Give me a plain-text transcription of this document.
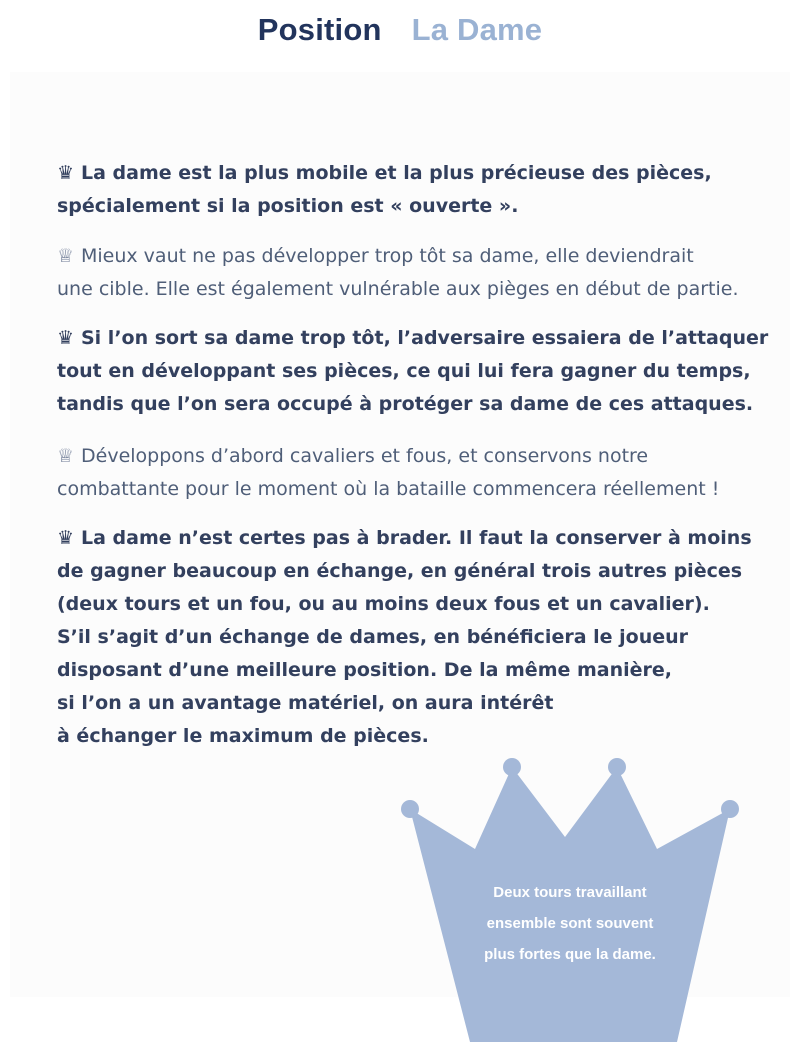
Position La Dame
♛ La dame est la plus mobile et la plus précieuse des pièces,
spécialement si la position est « ouverte ».
♕ Mieux vaut ne pas développer trop tôt sa dame, elle deviendrait
une cible. Elle est également vulnérable aux pièges en début de partie.
♛ Si l’on sort sa dame trop tôt, l’adversaire essaiera de l’attaquer
tout en développant ses pièces, ce qui lui fera gagner du temps,
tandis que l’on sera occupé à protéger sa dame de ces attaques.
♕ Développons d’abord cavaliers et fous, et conservons notre
combattante pour le moment où la bataille commencera réellement !
♛ La dame n’est certes pas à brader. Il faut la conserver à moins
de gagner beaucoup en échange, en général trois autres pièces
(deux tours et un fou, ou au moins deux fous et un cavalier).
S’il s’agit d’un échange de dames, en bénéficiera le joueur
disposant d’une meilleure position. De la même manière,
si l’on a un avantage matériel, on aura intérêt
à échanger le maximum de pièces.
Deux tours travaillant
ensemble sont souvent
plus fortes que la dame.
